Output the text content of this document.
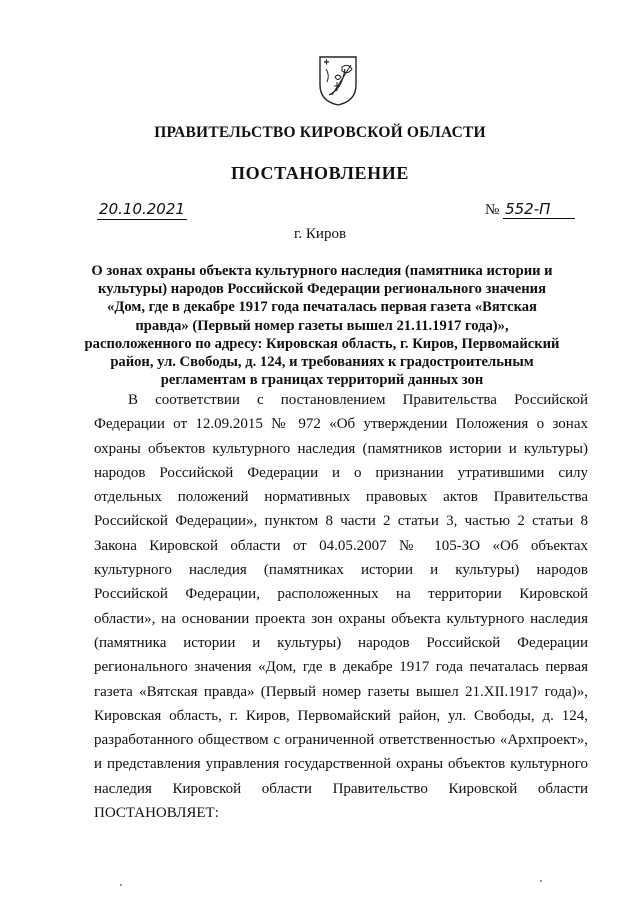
ПРАВИТЕЛЬСТВО КИРОВСКОЙ ОБЛАСТИ
ПОСТАНОВЛЕНИЕ
20.10.2021	№ 552-П
г. Киров
О зонах охраны объекта культурного наследия (памятника истории и
культуры) народов Российской Федерации регионального значения
«Дом, где в декабре 1917 года печаталась первая газета «Вятская
правда» (Первый номер газеты вышел 21.11.1917 года)»,
расположенного по адресу: Кировская область, г. Киров, Первомайский
район, ул. Свободы, д. 124, и требованиях к градостроительным
регламентам в границах территорий данных зон
В соответствии с постановлением Правительства Российской
Федерации от 12.09.2015 № 972 «Об утверждении Положения о зонах
охраны объектов культурного наследия (памятников истории и культуры)
народов Российской Федерации и о признании утратившими силу
отдельных положений нормативных правовых актов Правительства
Российской Федерации», пунктом 8 части 2 статьи 3, частью 2 статьи 8
Закона Кировской области от 04.05.2007 № 105-ЗО «Об объектах
культурного наследия (памятниках истории и культуры) народов
Российской Федерации, расположенных на территории Кировской
области», на основании проекта зон охраны объекта культурного наследия
(памятника истории и культуры) народов Российской Федерации
регионального значения «Дом, где в декабре 1917 года печаталась первая
газета «Вятская правда» (Первый номер газеты вышел 21.XII.1917 года)»,
Кировская область, г. Киров, Первомайский район, ул. Свободы, д. 124,
разработанного обществом с ограниченной ответственностью «Архпроект»,
и представления управления государственной охраны объектов культурного
наследия Кировской области Правительство Кировской области
ПОСТАНОВЛЯЕТ:
